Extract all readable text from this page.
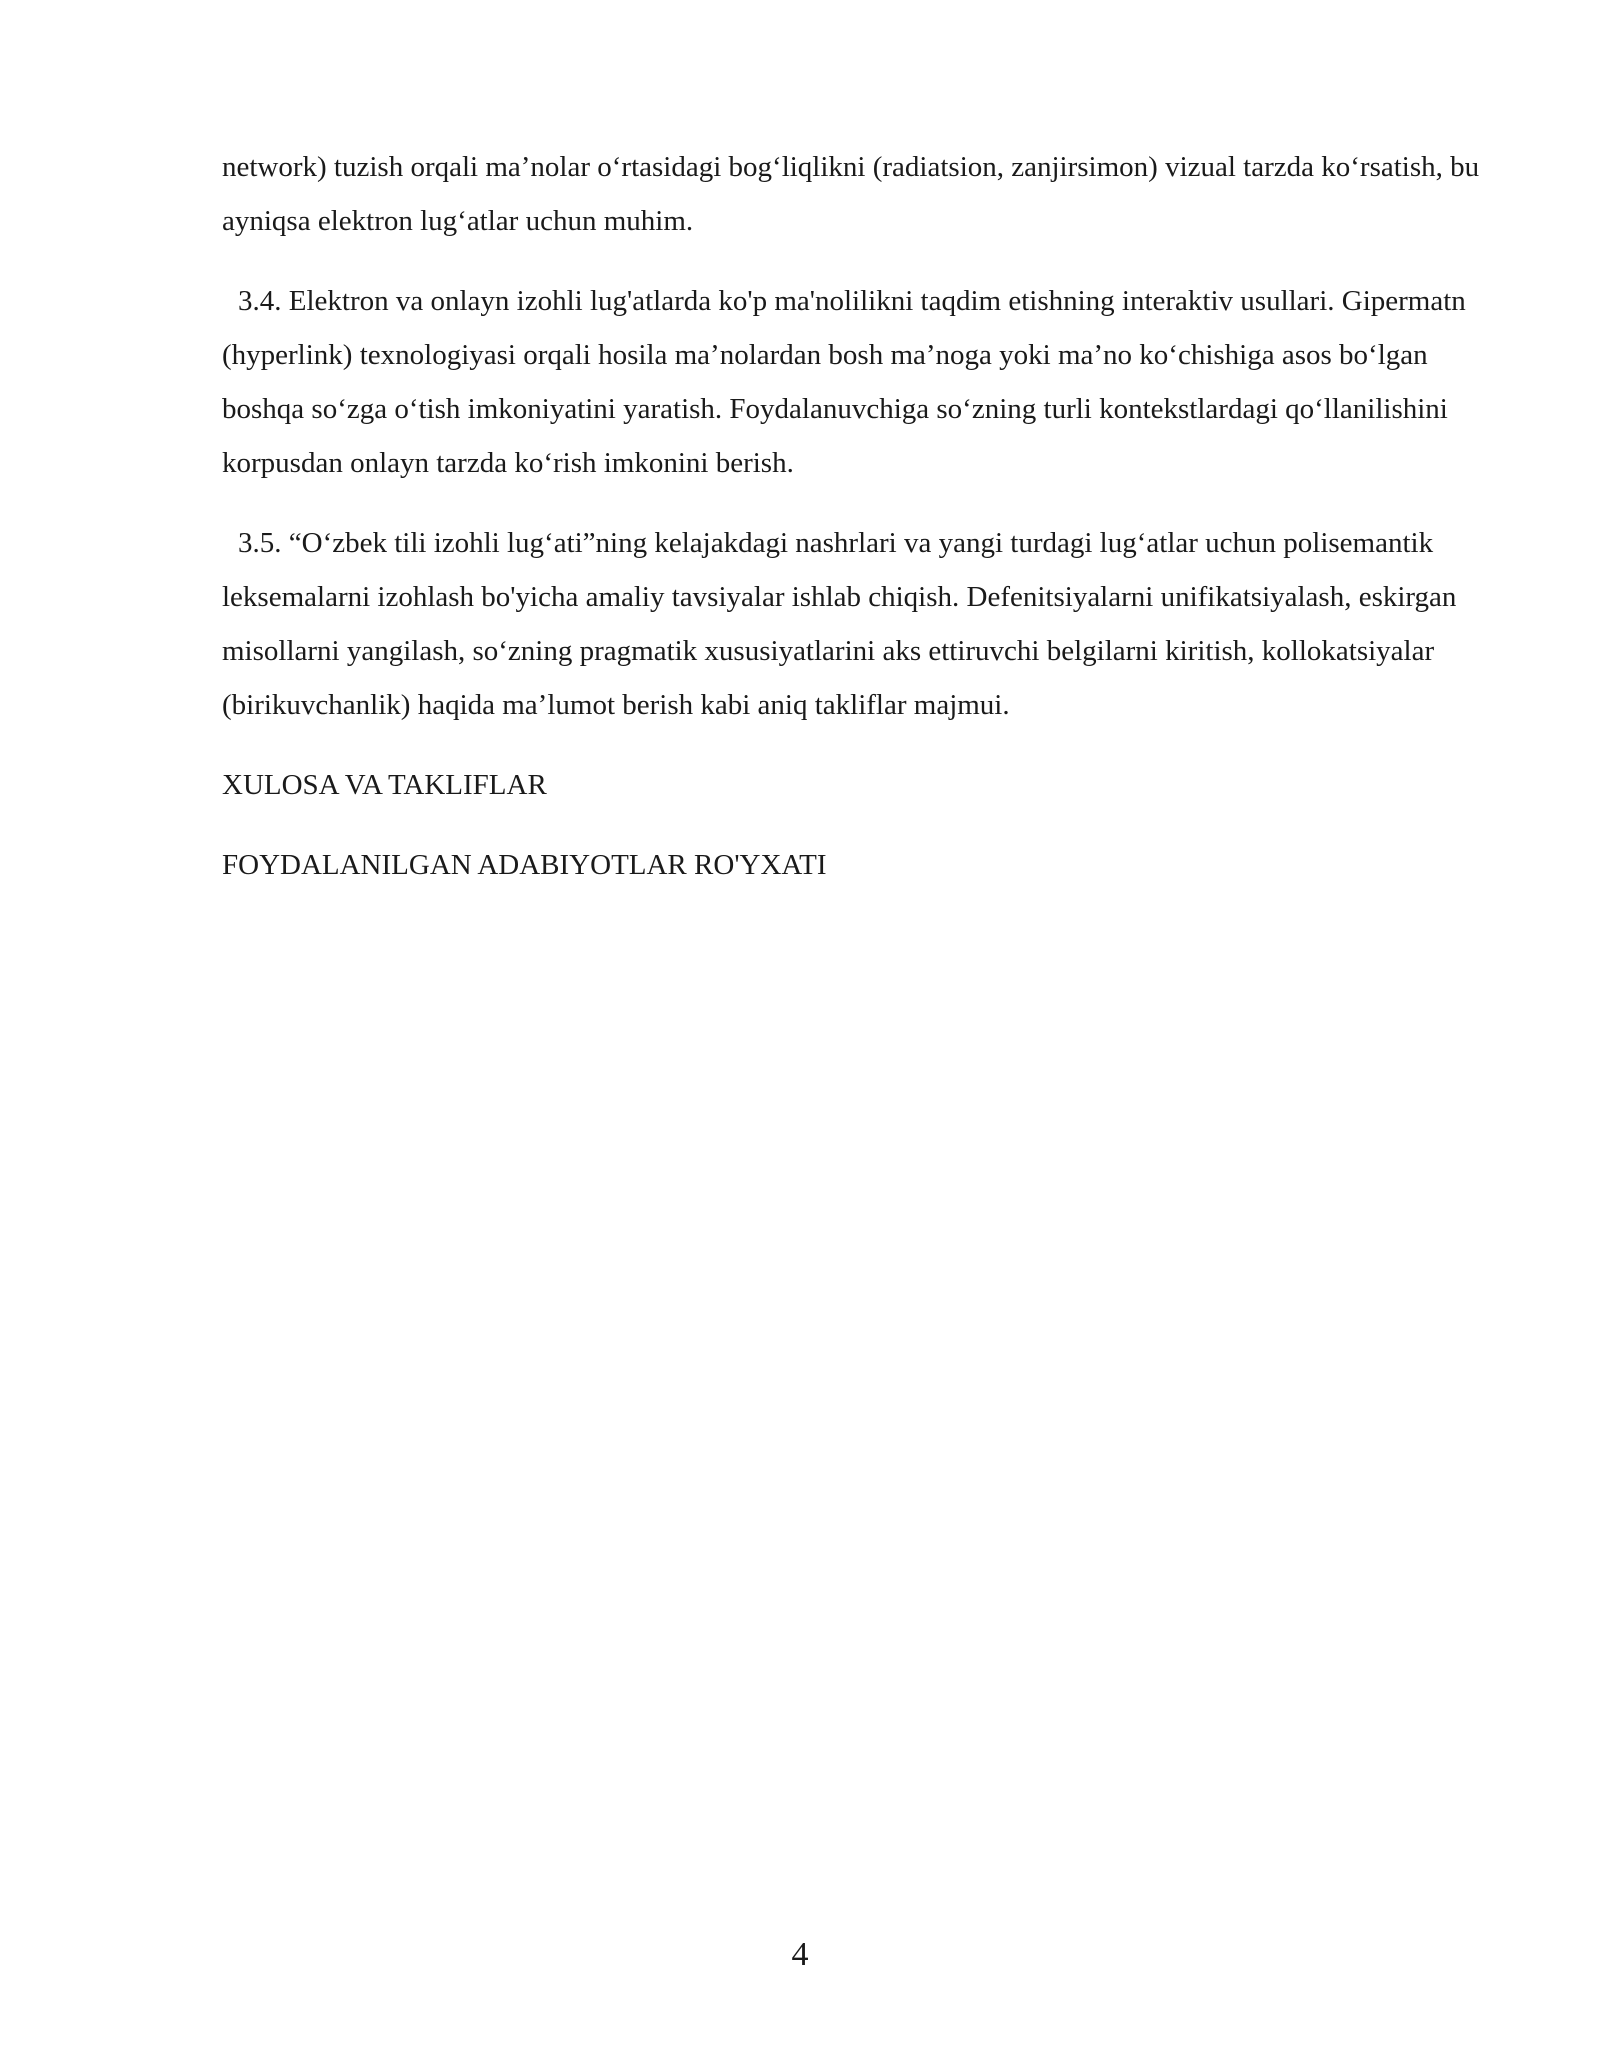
network) tuzish orqali ma’nolar o‘rtasidagi bog‘liqlikni (radiatsion, zanjirsimon) vizual tarzda ko‘rsatish, bu ayniqsa elektron lug‘atlar uchun muhim.

3.4. Elektron va onlayn izohli lug'atlarda ko'p ma'nolilikni taqdim etishning interaktiv usullari. Gipermatn (hyperlink) texnologiyasi orqali hosila ma’nolardan bosh ma’noga yoki ma’no ko‘chishiga asos bo‘lgan boshqa so‘zga o‘tish imkoniyatini yaratish. Foydalanuvchiga so‘zning turli kontekstlardagi qo‘llanilishini korpusdan onlayn tarzda ko‘rish imkonini berish.

3.5. “O‘zbek tili izohli lug‘ati”ning kelajakdagi nashrlari va yangi turdagi lug‘atlar uchun polisemantik leksemalarni izohlash bo'yicha amaliy tavsiyalar ishlab chiqish. Defenitsiyalarni unifikatsiyalash, eskirgan misollarni yangilash, so‘zning pragmatik xususiyatlarini aks ettiruvchi belgilarni kiritish, kollokatsiyalar (birikuvchanlik) haqida ma’lumot berish kabi aniq takliflar majmui.

XULOSA VA TAKLIFLAR

FOYDALANILGAN ADABIYOTLAR RO'YXATI

4
